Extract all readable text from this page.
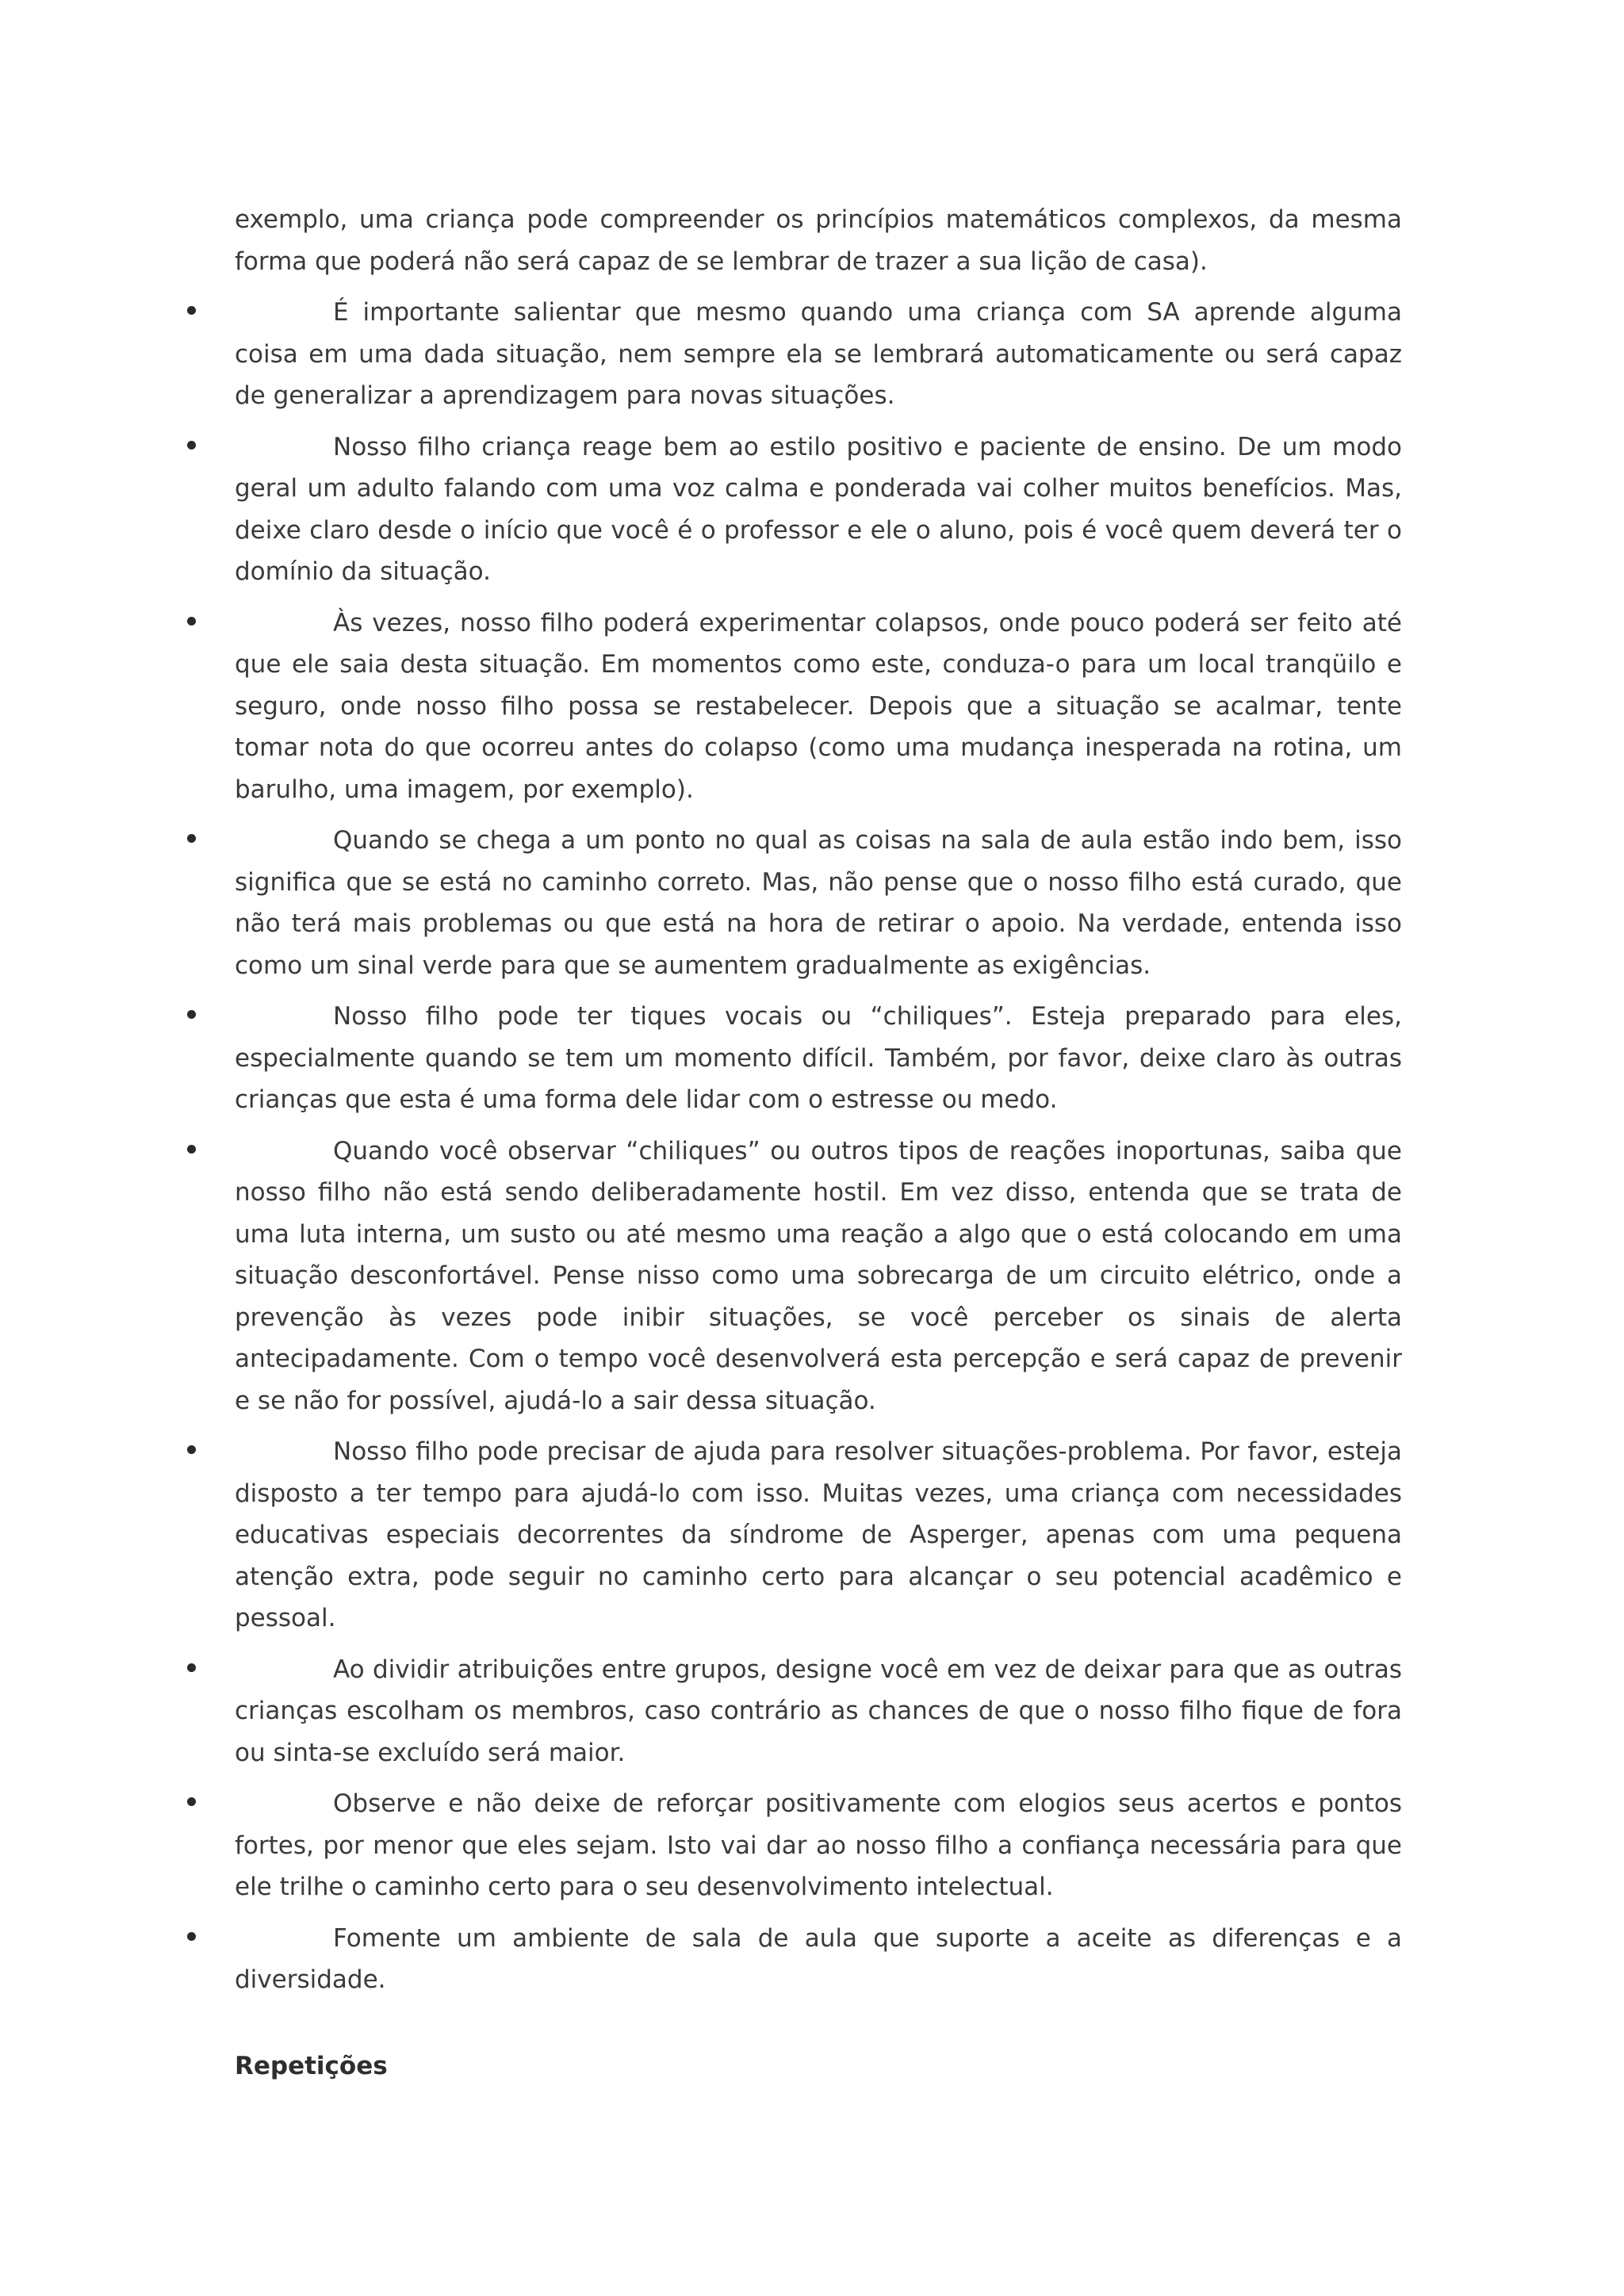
exemplo, uma criança pode compreender os princípios matemáticos complexos, da mesma forma que poderá não será capaz de se lembrar de trazer a sua lição de casa).

É importante salientar que mesmo quando uma criança com SA aprende alguma coisa em uma dada situação, nem sempre ela se lembrará automaticamente ou será capaz de generalizar a aprendizagem para novas situações.
Nosso filho criança reage bem ao estilo positivo e paciente de ensino. De um modo geral um adulto falando com uma voz calma e ponderada vai colher muitos benefícios. Mas, deixe claro desde o início que você é o professor e ele o aluno, pois é você quem deverá ter o domínio da situação.
Às vezes, nosso filho poderá experimentar colapsos, onde pouco poderá ser feito até que ele saia desta situação. Em momentos como este, conduza-o para um local tranqüilo e seguro, onde nosso filho possa se restabelecer. Depois que a situação se acalmar, tente tomar nota do que ocorreu antes do colapso (como uma mudança inesperada na rotina, um barulho, uma imagem, por exemplo).
Quando se chega a um ponto no qual as coisas na sala de aula estão indo bem, isso significa que se está no caminho correto. Mas, não pense que o nosso filho está curado, que não terá mais problemas ou que está na hora de retirar o apoio. Na verdade, entenda isso como um sinal verde para que se aumentem gradualmente as exigências.
Nosso filho pode ter tiques vocais ou “chiliques”. Esteja preparado para eles, especialmente quando se tem um momento difícil. Também, por favor, deixe claro às outras crianças que esta é uma forma dele lidar com o estresse ou medo.
Quando você observar “chiliques” ou outros tipos de reações inoportunas, saiba que nosso filho não está sendo deliberadamente hostil. Em vez disso, entenda que se trata de uma luta interna, um susto ou até mesmo uma reação a algo que o está colocando em uma situação desconfortável. Pense nisso como uma sobrecarga de um circuito elétrico, onde a prevenção às vezes pode inibir situações, se você perceber os sinais de alerta antecipadamente. Com o tempo você desenvolverá esta percepção e será capaz de prevenir e se não for possível, ajudá-lo a sair dessa situação.
Nosso filho pode precisar de ajuda para resolver situações-problema. Por favor, esteja disposto a ter tempo para ajudá-lo com isso. Muitas vezes, uma criança com necessidades educativas especiais decorrentes da síndrome de Asperger, apenas com uma pequena atenção extra, pode seguir no caminho certo para alcançar o seu potencial acadêmico e pessoal.
Ao dividir atribuições entre grupos, designe você em vez de deixar para que as outras crianças escolham os membros, caso contrário as chances de que o nosso filho fique de fora ou sinta-se excluído será maior.
Observe e não deixe de reforçar positivamente com elogios seus acertos e pontos fortes, por menor que eles sejam. Isto vai dar ao nosso filho a confiança necessária para que ele trilhe o caminho certo para o seu desenvolvimento intelectual.
Fomente um ambiente de sala de aula que suporte a aceite as diferenças e a diversidade.
Repetições
